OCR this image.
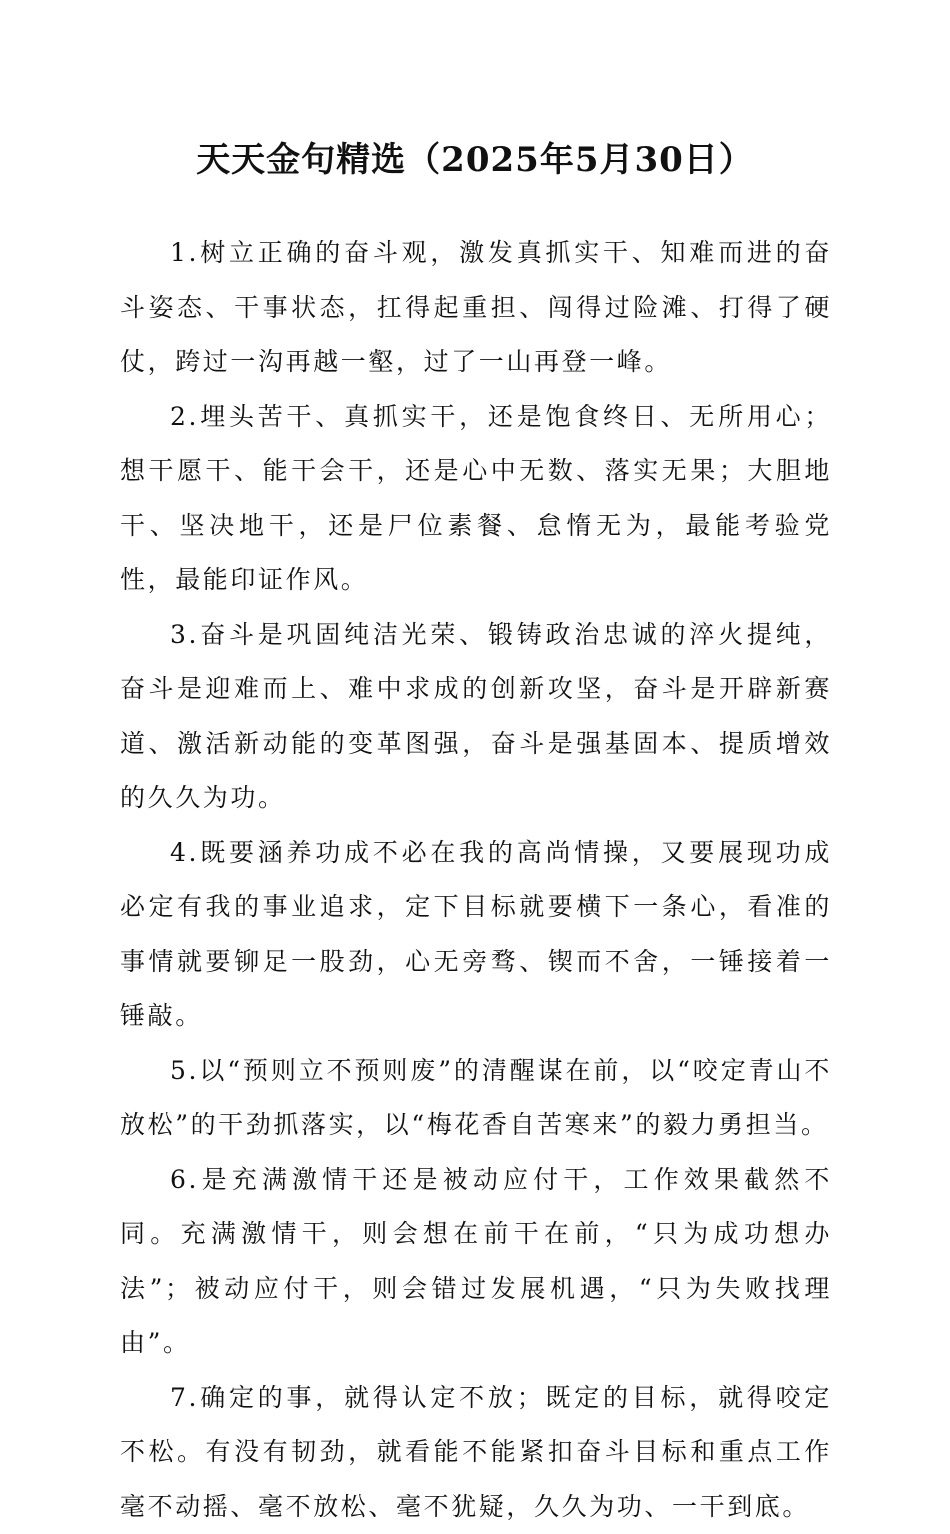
天天金句精选（2025年5月30日）

1.树立正确的奋斗观，激发真抓实干、知难而进的奋斗姿态、干事状态，扛得起重担、闯得过险滩、打得了硬仗，跨过一沟再越一壑，过了一山再登一峰。

2.埋头苦干、真抓实干，还是饱食终日、无所用心；想干愿干、能干会干，还是心中无数、落实无果；大胆地干、坚决地干，还是尸位素餐、怠惰无为，最能考验党性，最能印证作风。

3.奋斗是巩固纯洁光荣、锻铸政治忠诚的淬火提纯，奋斗是迎难而上、难中求成的创新攻坚，奋斗是开辟新赛道、激活新动能的变革图强，奋斗是强基固本、提质增效的久久为功。

4.既要涵养功成不必在我的高尚情操，又要展现功成必定有我的事业追求，定下目标就要横下一条心，看准的事情就要铆足一股劲，心无旁骛、锲而不舍，一锤接着一锤敲。

5.以“预则立不预则废”的清醒谋在前，以“咬定青山不放松”的干劲抓落实，以“梅花香自苦寒来”的毅力勇担当。

6.是充满激情干还是被动应付干，工作效果截然不同。充满激情干，则会想在前干在前，“只为成功想办法”；被动应付干，则会错过发展机遇，“只为失败找理由”。

7.确定的事，就得认定不放；既定的目标，就得咬定不松。有没有韧劲，就看能不能紧扣奋斗目标和重点工作毫不动摇、毫不放松、毫不犹疑，久久为功、一干到底。
